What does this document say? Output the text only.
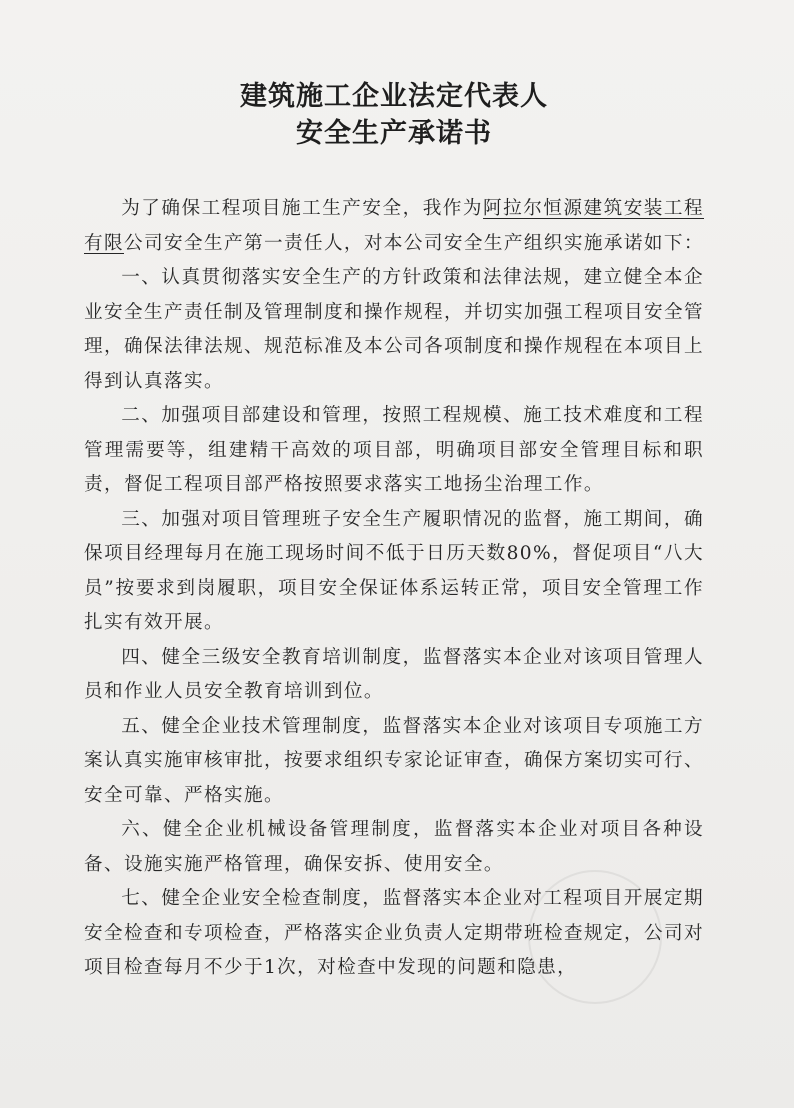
建筑施工企业法定代表人
安全生产承诺书

为了确保工程项目施工生产安全，我作为阿拉尔恒源建筑安装工程有限公司安全生产第一责任人，对本公司安全生产组织实施承诺如下：

一、认真贯彻落实安全生产的方针政策和法律法规，建立健全本企业安全生产责任制及管理制度和操作规程，并切实加强工程项目安全管理，确保法律法规、规范标准及本公司各项制度和操作规程在本项目上得到认真落实。

二、加强项目部建设和管理，按照工程规模、施工技术难度和工程管理需要等，组建精干高效的项目部，明确项目部安全管理目标和职责，督促工程项目部严格按照要求落实工地扬尘治理工作。

三、加强对项目管理班子安全生产履职情况的监督，施工期间，确保项目经理每月在施工现场时间不低于日历天数80%，督促项目“八大员”按要求到岗履职，项目安全保证体系运转正常，项目安全管理工作扎实有效开展。

四、健全三级安全教育培训制度，监督落实本企业对该项目管理人员和作业人员安全教育培训到位。

五、健全企业技术管理制度，监督落实本企业对该项目专项施工方案认真实施审核审批，按要求组织专家论证审查，确保方案切实可行、安全可靠、严格实施。

六、健全企业机械设备管理制度，监督落实本企业对项目各种设备、设施实施严格管理，确保安拆、使用安全。

七、健全企业安全检查制度，监督落实本企业对工程项目开展定期安全检查和专项检查，严格落实企业负责人定期带班检查规定，公司对项目检查每月不少于1次，对检查中发现的问题和隐患，
